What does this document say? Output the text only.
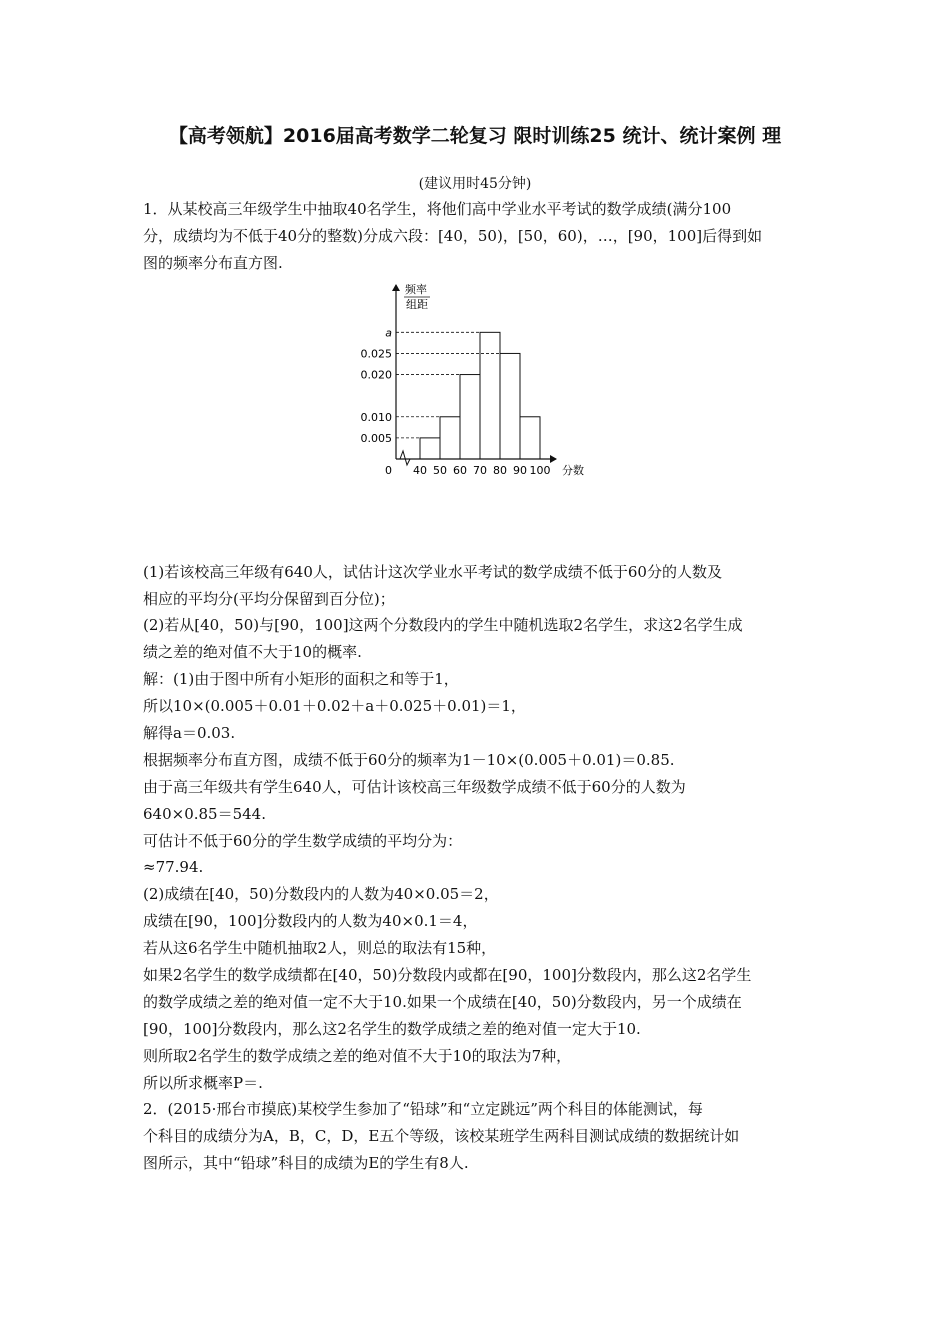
【高考领航】2016届高考数学二轮复习 限时训练25 统计、统计案例 理
(建议用时45分钟)
1．从某校高三年级学生中抽取40名学生，将他们高中学业水平考试的数学成绩(满分100
分，成绩均为不低于40分的整数)分成六段：[40，50)，[50，60)，…，[90，100]后得到如
图的频率分布直方图.
频率
组距
分数
0
0.005
0.010
0.020
0.025
a
40 50 60 70 80 90 100
(1)若该校高三年级有640人，试估计这次学业水平考试的数学成绩不低于60分的人数及
相应的平均分(平均分保留到百分位)；
(2)若从[40，50)与[90，100]这两个分数段内的学生中随机选取2名学生，求这2名学生成
绩之差的绝对值不大于10的概率.
解：(1)由于图中所有小矩形的面积之和等于1，
所以10×(0.005＋0.01＋0.02＋a＋0.025＋0.01)＝1，
解得a＝0.03.
根据频率分布直方图，成绩不低于60分的频率为1－10×(0.005＋0.01)＝0.85.
由于高三年级共有学生640人，可估计该校高三年级数学成绩不低于60分的人数为
640×0.85＝544.
可估计不低于60分的学生数学成绩的平均分为：
≈77.94.
(2)成绩在[40，50)分数段内的人数为40×0.05＝2，
成绩在[90，100]分数段内的人数为40×0.1＝4，
若从这6名学生中随机抽取2人，则总的取法有15种，
如果2名学生的数学成绩都在[40，50)分数段内或都在[90，100]分数段内，那么这2名学生
的数学成绩之差的绝对值一定不大于10.如果一个成绩在[40，50)分数段内，另一个成绩在
[90，100]分数段内，那么这2名学生的数学成绩之差的绝对值一定大于10.
则所取2名学生的数学成绩之差的绝对值不大于10的取法为7种，
所以所求概率P＝.
2．(2015·邢台市摸底)某校学生参加了“铅球”和“立定跳远”两个科目的体能测试，每
个科目的成绩分为A，B，C，D，E五个等级，该校某班学生两科目测试成绩的数据统计如
图所示，其中“铅球”科目的成绩为E的学生有8人.
